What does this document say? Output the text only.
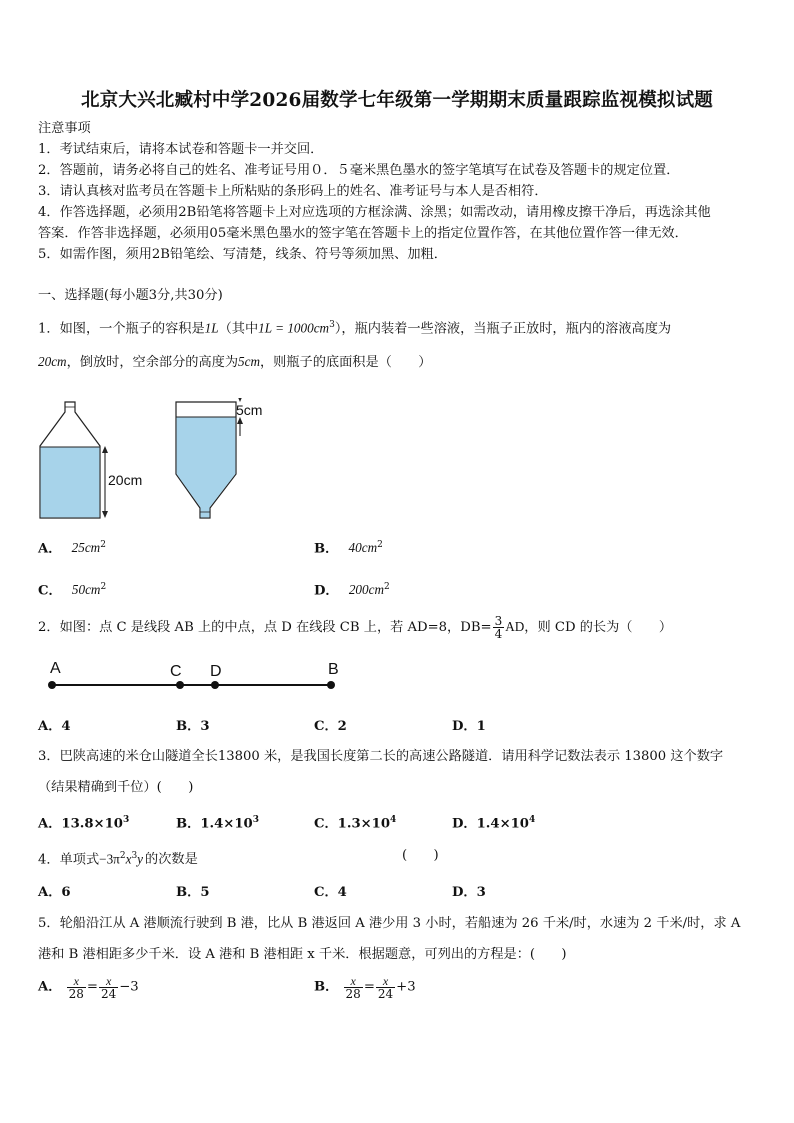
北京大兴北臧村中学2026届数学七年级第一学期期末质量跟踪监视模拟试题
注意事项
1．考试结束后，请将本试卷和答题卡一并交回．
2．答题前，请务必将自己的姓名、准考证号用０．５毫米黑色墨水的签字笔填写在试卷及答题卡的规定位置．
3．请认真核对监考员在答题卡上所粘贴的条形码上的姓名、准考证号与本人是否相符．
4．作答选择题，必须用2B铅笔将答题卡上对应选项的方框涂满、涂黑；如需改动，请用橡皮擦干净后，再选涂其他
答案．作答非选择题，必须用05毫米黑色墨水的签字笔在答题卡上的指定位置作答，在其他位置作答一律无效．
5．如需作图，须用2B铅笔绘、写清楚，线条、符号等须加黑、加粗．
一、选择题(每小题3分,共30分)
1．如图，一个瓶子的容积是1L（其中$1L = 1000cm^3$），瓶内装着一些溶液，当瓶子正放时，瓶内的溶液高度为
20cm，倒放时，空余部分的高度为5cm，则瓶子的底面积是（　　）
20cm
5cm
A． $25cm^2$	B． $40cm^2$
C． $50cm^2$	D． $200cm^2$
2．如图：点 C 是线段 AB 上的中点，点 D 在线段 CB 上，若 AD=8，$DB= \frac{3}{4}$ AD，则 CD 的长为（　　）
A	C D	B
A．4	B．3	C．2	D．1
3．巴陕高速的米仓山隧道全长13800 米，是我国长度第二长的高速公路隧道．请用科学记数法表示 13800 这个数字
（结果精确到千位）(　　)
A．$13.8\times 10^3$	B．$1.4\times 10^3$	C．$1.3\times 10^4$	D．$1.4\times 10^4$
4．单项式$-3\pi^2x^3y$ 的次数是	(　　)
A．6	B．5	C．4	D．3
5．轮船沿江从 A 港顺流行驶到 B 港，比从 B 港返回 A 港少用 3 小时，若船速为 26 千米/时，水速为 2 千米/时，求 A
港和 B 港相距多少千米．设 A 港和 B 港相距 x 千米．根据题意，可列出的方程是：(　　)
A． $\frac{x}{28} = \frac{x}{24} -3$	B． $\frac{x}{28} = \frac{x}{24} +3$
